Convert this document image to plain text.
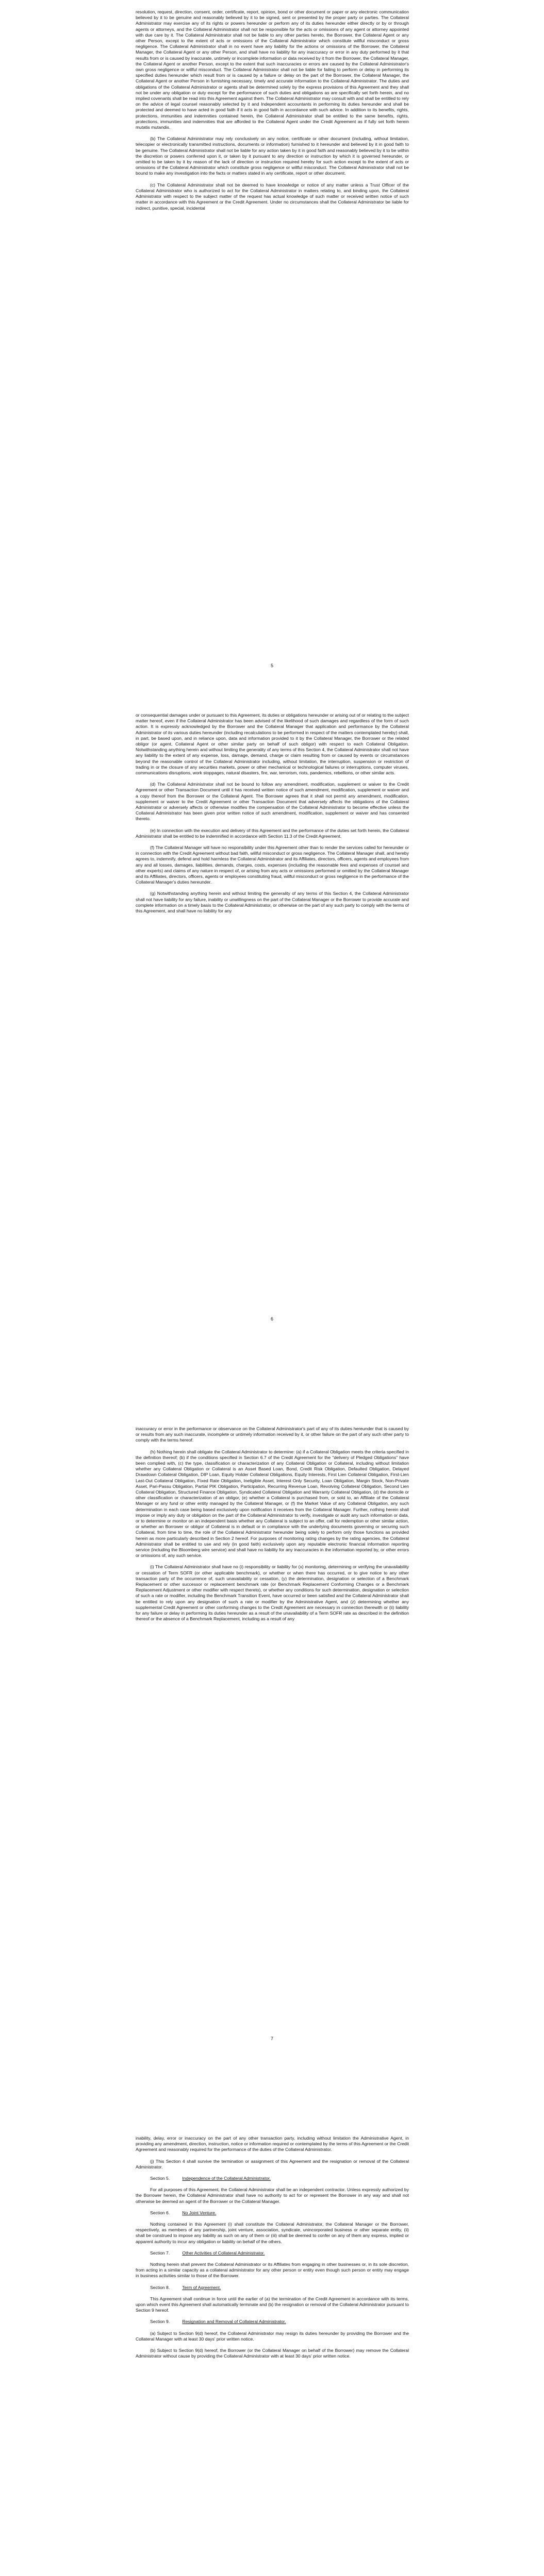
resolution, request, direction, consent, order, certificate, report, opinion, bond or other document or paper or any electronic communication believed by it to be genuine and reasonably believed by it to be signed, sent or presented by the proper party or parties. The Collateral Administrator may exercise any of its rights or powers hereunder or perform any of its duties hereunder either directly or by or through agents or attorneys, and the Collateral Administrator shall not be responsible for the acts or omissions of any agent or attorney appointed with due care by it. The Collateral Administrator shall not be liable to any other parties hereto, the Borrower, the Collateral Agent or any other Person, except to the extent of acts or omissions of the Collateral Administrator which constitute willful misconduct or gross negligence. The Collateral Administrator shall in no event have any liability for the actions or omissions of the Borrower, the Collateral Manager, the Collateral Agent or any other Person, and shall have no liability for any inaccuracy or error in any duty performed by it that results from or is caused by inaccurate, untimely or incomplete information or data received by it from the Borrower, the Collateral Manager, the Collateral Agent or another Person, except to the extent that such inaccuracies or errors are caused by the Collateral Administrator's own gross negligence or willful misconduct. The Collateral Administrator shall not be liable for failing to perform or delay in performing its specified duties hereunder which result from or is caused by a failure or delay on the part of the Borrower, the Collateral Manager, the Collateral Agent or another Person in furnishing necessary, timely and accurate information to the Collateral Administrator. The duties and obligations of the Collateral Administrator or agents shall be determined solely by the express provisions of this Agreement and they shall not be under any obligation or duty except for the performance of such duties and obligations as are specifically set forth herein, and no implied covenants shall be read into this Agreement against them. The Collateral Administrator may consult with and shall be entitled to rely on the advice of legal counsel reasonably selected by it and Independent accountants in performing its duties hereunder and shall be protected and deemed to have acted in good faith if it acts in good faith in accordance with such advice. In addition to its benefits, rights, protections, immunities and indemnities contained herein, the Collateral Administrator shall be entitled to the same benefits, rights, protections, immunities and indemnities that are afforded to the Collateral Agent under the Credit Agreement as if fully set forth herein mutatis mutandis.

(b) The Collateral Administrator may rely conclusively on any notice, certificate or other document (including, without limitation, telecopier or electronically transmitted instructions, documents or information) furnished to it hereunder and believed by it in good faith to be genuine. The Collateral Administrator shall not be liable for any action taken by it in good faith and reasonably believed by it to be within the discretion or powers conferred upon it, or taken by it pursuant to any direction or instruction by which it is governed hereunder, or omitted to be taken by it by reason of the lack of direction or instruction required hereby for such action except to the extent of acts or omissions of the Collateral Administrator which constitute gross negligence or willful misconduct. The Collateral Administrator shall not be bound to make any investigation into the facts or matters stated in any certificate, report or other document.

(c) The Collateral Administrator shall not be deemed to have knowledge or notice of any matter unless a Trust Officer of the Collateral Administrator who is authorized to act for the Collateral Administrator in matters relating to, and binding upon, the Collateral Administrator with respect to the subject matter of the request has actual knowledge of such matter or received written notice of such matter in accordance with this Agreement or the Credit Agreement. Under no circumstances shall the Collateral Administrator be liable for indirect, punitive, special, incidental

5

or consequential damages under or pursuant to this Agreement, its duties or obligations hereunder or arising out of or relating to the subject matter hereof, even if the Collateral Administrator has been advised of the likelihood of such damages and regardless of the form of such action. It is expressly acknowledged by the Borrower and the Collateral Manager that application and performance by the Collateral Administrator of its various duties hereunder (including recalculations to be performed in respect of the matters contemplated hereby) shall, in part, be based upon, and in reliance upon, data and information provided to it by the Collateral Manager, the Borrower or the related obligor (or agent, Collateral Agent or other similar party on behalf of such obligor) with respect to each Collateral Obligation. Notwithstanding anything herein and without limiting the generality of any terms of this Section 4, the Collateral Administrator shall not have any liability to the extent of any expense, loss, damage, demand, charge or claim resulting from or caused by events or circumstances beyond the reasonable control of the Collateral Administrator including, without limitation, the interruption, suspension or restriction of trading in or the closure of any securities markets, power or other mechanical or technological failures or interruptions, computer viruses, communications disruptions, work stoppages, natural disasters, fire, war, terrorism, riots, pandemics, rebellions, or other similar acts.

(d) The Collateral Administrator shall not be bound to follow any amendment, modification, supplement or waiver to the Credit Agreement or other Transaction Document until it has received written notice of such amendment, modification, supplement or waiver and a copy thereof from the Borrower or the Collateral Agent. The Borrower agrees that it shall not permit any amendment, modification, supplement or waiver to the Credit Agreement or other Transaction Document that adversely affects the obligations of the Collateral Administrator or adversely affects or otherwise modifies the compensation of the Collateral Administrator to become effective unless the Collateral Administrator has been given prior written notice of such amendment, modification, supplement or waiver and has consented thereto.

(e) In connection with the execution and delivery of this Agreement and the performance of the duties set forth herein, the Collateral Administrator shall be entitled to be indemnified in accordance with Section 11.3 of the Credit Agreement.

(f) The Collateral Manager will have no responsibility under this Agreement other than to render the services called for hereunder or in connection with the Credit Agreement without bad faith, willful misconduct or gross negligence. The Collateral Manager shall, and hereby agrees to, indemnify, defend and hold harmless the Collateral Administrator and its Affiliates, directors, officers, agents and employees from any and all losses, damages, liabilities, demands, charges, costs, expenses (including the reasonable fees and expenses of counsel and other experts) and claims of any nature in respect of, or arising from any acts or omissions performed or omitted by the Collateral Manager and its Affiliates, directors, officers, agents or employees constituting fraud, willful misconduct or gross negligence in the performance of the Collateral Manager's duties hereunder.

(g) Notwithstanding anything herein and without limiting the generality of any terms of this Section 4, the Collateral Administrator shall not have liability for any failure, inability or unwillingness on the part of the Collateral Manager or the Borrower to provide accurate and complete information on a timely basis to the Collateral Administrator, or otherwise on the part of any such party to comply with the terms of this Agreement, and shall have no liability for any

6

inaccuracy or error in the performance or observance on the Collateral Administrator's part of any of its duties hereunder that is caused by or results from any such inaccurate, incomplete or untimely information received by it, or other failure on the part of any such other party to comply with the terms hereof.

(h) Nothing herein shall obligate the Collateral Administrator to determine: (a) if a Collateral Obligation meets the criteria specified in the definition thereof; (b) if the conditions specified in Section 6.7 of the Credit Agreement for the "delivery of Pledged Obligations" have been complied with, (c) the type, classification or characterization of any Collateral Obligation or Collateral, including without limitation whether any Collateral Obligation or Collateral is an Asset Based Loan, Bond, Credit Risk Obligation, Defaulted Obligation, Delayed Drawdown Collateral Obligation, DIP Loan, Equity Holder Collateral Obligations, Equity Interests, First Lien Collateral Obligation, First-Lien Last-Out Collateral Obligation, Fixed Rate Obligation, Ineligible Asset, Interest Only Security, Loan Obligation, Margin Stock, Non-Private Asset, Pari-Passu Obligation, Partial PIK Obligation, Participation, Recurring Revenue Loan, Revolving Collateral Obligation, Second Lien Collateral Obligation, Structured Finance Obligation, Syndicated Collateral Obligation and Warranty Collateral Obligation, (d) the domicile or other classification or characterization of an obligor, (e) whether a Collateral is purchased from, or sold to, an Affiliate of the Collateral Manager or any fund or other entity managed by the Collateral Manager, or (f) the Market Value of any Collateral Obligation, any such determination in each case being based exclusively upon notification it receives from the Collateral Manager. Further, nothing herein shall impose or imply any duty or obligation on the part of the Collateral Administrator to verify, investigate or audit any such information or data, or to determine or monitor on an independent basis whether any Collateral is subject to an offer, call for redemption or other similar action, or whether an Borrower or obligor of Collateral is in default or in compliance with the underlying documents governing or securing such Collateral, from time to time, the role of the Collateral Administrator hereunder being solely to perform only those functions as provided herein as more particularly described in Section 2 hereof. For purposes of monitoring rating changes by the rating agencies, the Collateral Administrator shall be entitled to use and rely (in good faith) exclusively upon any reputable electronic financial information reporting service (including the Bloomberg wire service) and shall have no liability for any inaccuracies in the information reported by, or other errors or omissions of, any such service.

(i) The Collateral Administrator shall have no (i) responsibility or liability for (x) monitoring, determining or verifying the unavailability or cessation of Term SOFR (or other applicable benchmark), or whether or when there has occurred, or to give notice to any other transaction party of the occurrence of, such unavailability or cessation, (y) the determination, designation or selection of a Benchmark Replacement or other successor or replacement benchmark rate (or Benchmark Replacement Conforming Changes or a Benchmark Replacement Adjustment or other modifier with respect thereto), or whether any conditions for such determination, designation or selection of such a rate or modifier, including the Benchmark Transition Event, have occurred or been satisfied and the Collateral Administrator shall be entitled to rely upon any designation of such a rate or modifier by the Administrative Agent, and (z) determining whether any supplemental Credit Agreement or other conforming changes to the Credit Agreement are necessary in connection therewith or (ii) liability for any failure or delay in performing its duties hereunder as a result of the unavailability of a Term SOFR rate as described in the definition thereof or the absence of a Benchmark Replacement, including as a result of any

7

inability, delay, error or inaccuracy on the part of any other transaction party, including without limitation the Administrative Agent, in providing any amendment, direction, instruction, notice or information required or contemplated by the terms of this Agreement or the Credit Agreement and reasonably required for the performance of the duties of the Collateral Administrator.

(j) This Section 4 shall survive the termination or assignment of this Agreement and the resignation or removal of the Collateral Administrator.

Section 5.	Independence of the Collateral Administrator.

For all purposes of this Agreement, the Collateral Administrator shall be an independent contractor. Unless expressly authorized by the Borrower herein, the Collateral Administrator shall have no authority to act for or represent the Borrower in any way and shall not otherwise be deemed an agent of the Borrower or the Collateral Manager.

Section 6.	No Joint Venture.

Nothing contained in this Agreement (i) shall constitute the Collateral Administrator, the Collateral Manager or the Borrower, respectively, as members of any partnership, joint venture, association, syndicate, unincorporated business or other separate entity, (ii) shall be construed to impose any liability as such on any of them or (iii) shall be deemed to confer on any of them any express, implied or apparent authority to incur any obligation or liability on behalf of the others.

Section 7.	Other Activities of Collateral Administrator.

Nothing herein shall prevent the Collateral Administrator or its Affiliates from engaging in other businesses or, in its sole discretion, from acting in a similar capacity as a collateral administrator for any other person or entity even though such person or entity may engage in business activities similar to those of the Borrower.

Section 8.	Term of Agreement.

This Agreement shall continue in force until the earlier of (a) the termination of the Credit Agreement in accordance with its terms, upon which event this Agreement shall automatically terminate and (b) the resignation or removal of the Collateral Administrator pursuant to Section 9 hereof.

Section 9.	Resignation and Removal of Collateral Administrator.

(a) Subject to Section 9(d) hereof, the Collateral Administrator may resign its duties hereunder by providing the Borrower and the Collateral Manager with at least 30 days' prior written notice.

(b) Subject to Section 9(d) hereof, the Borrower (or the Collateral Manager on behalf of the Borrower) may remove the Collateral Administrator without cause by providing the Collateral Administrator with at least 30 days' prior written notice.
